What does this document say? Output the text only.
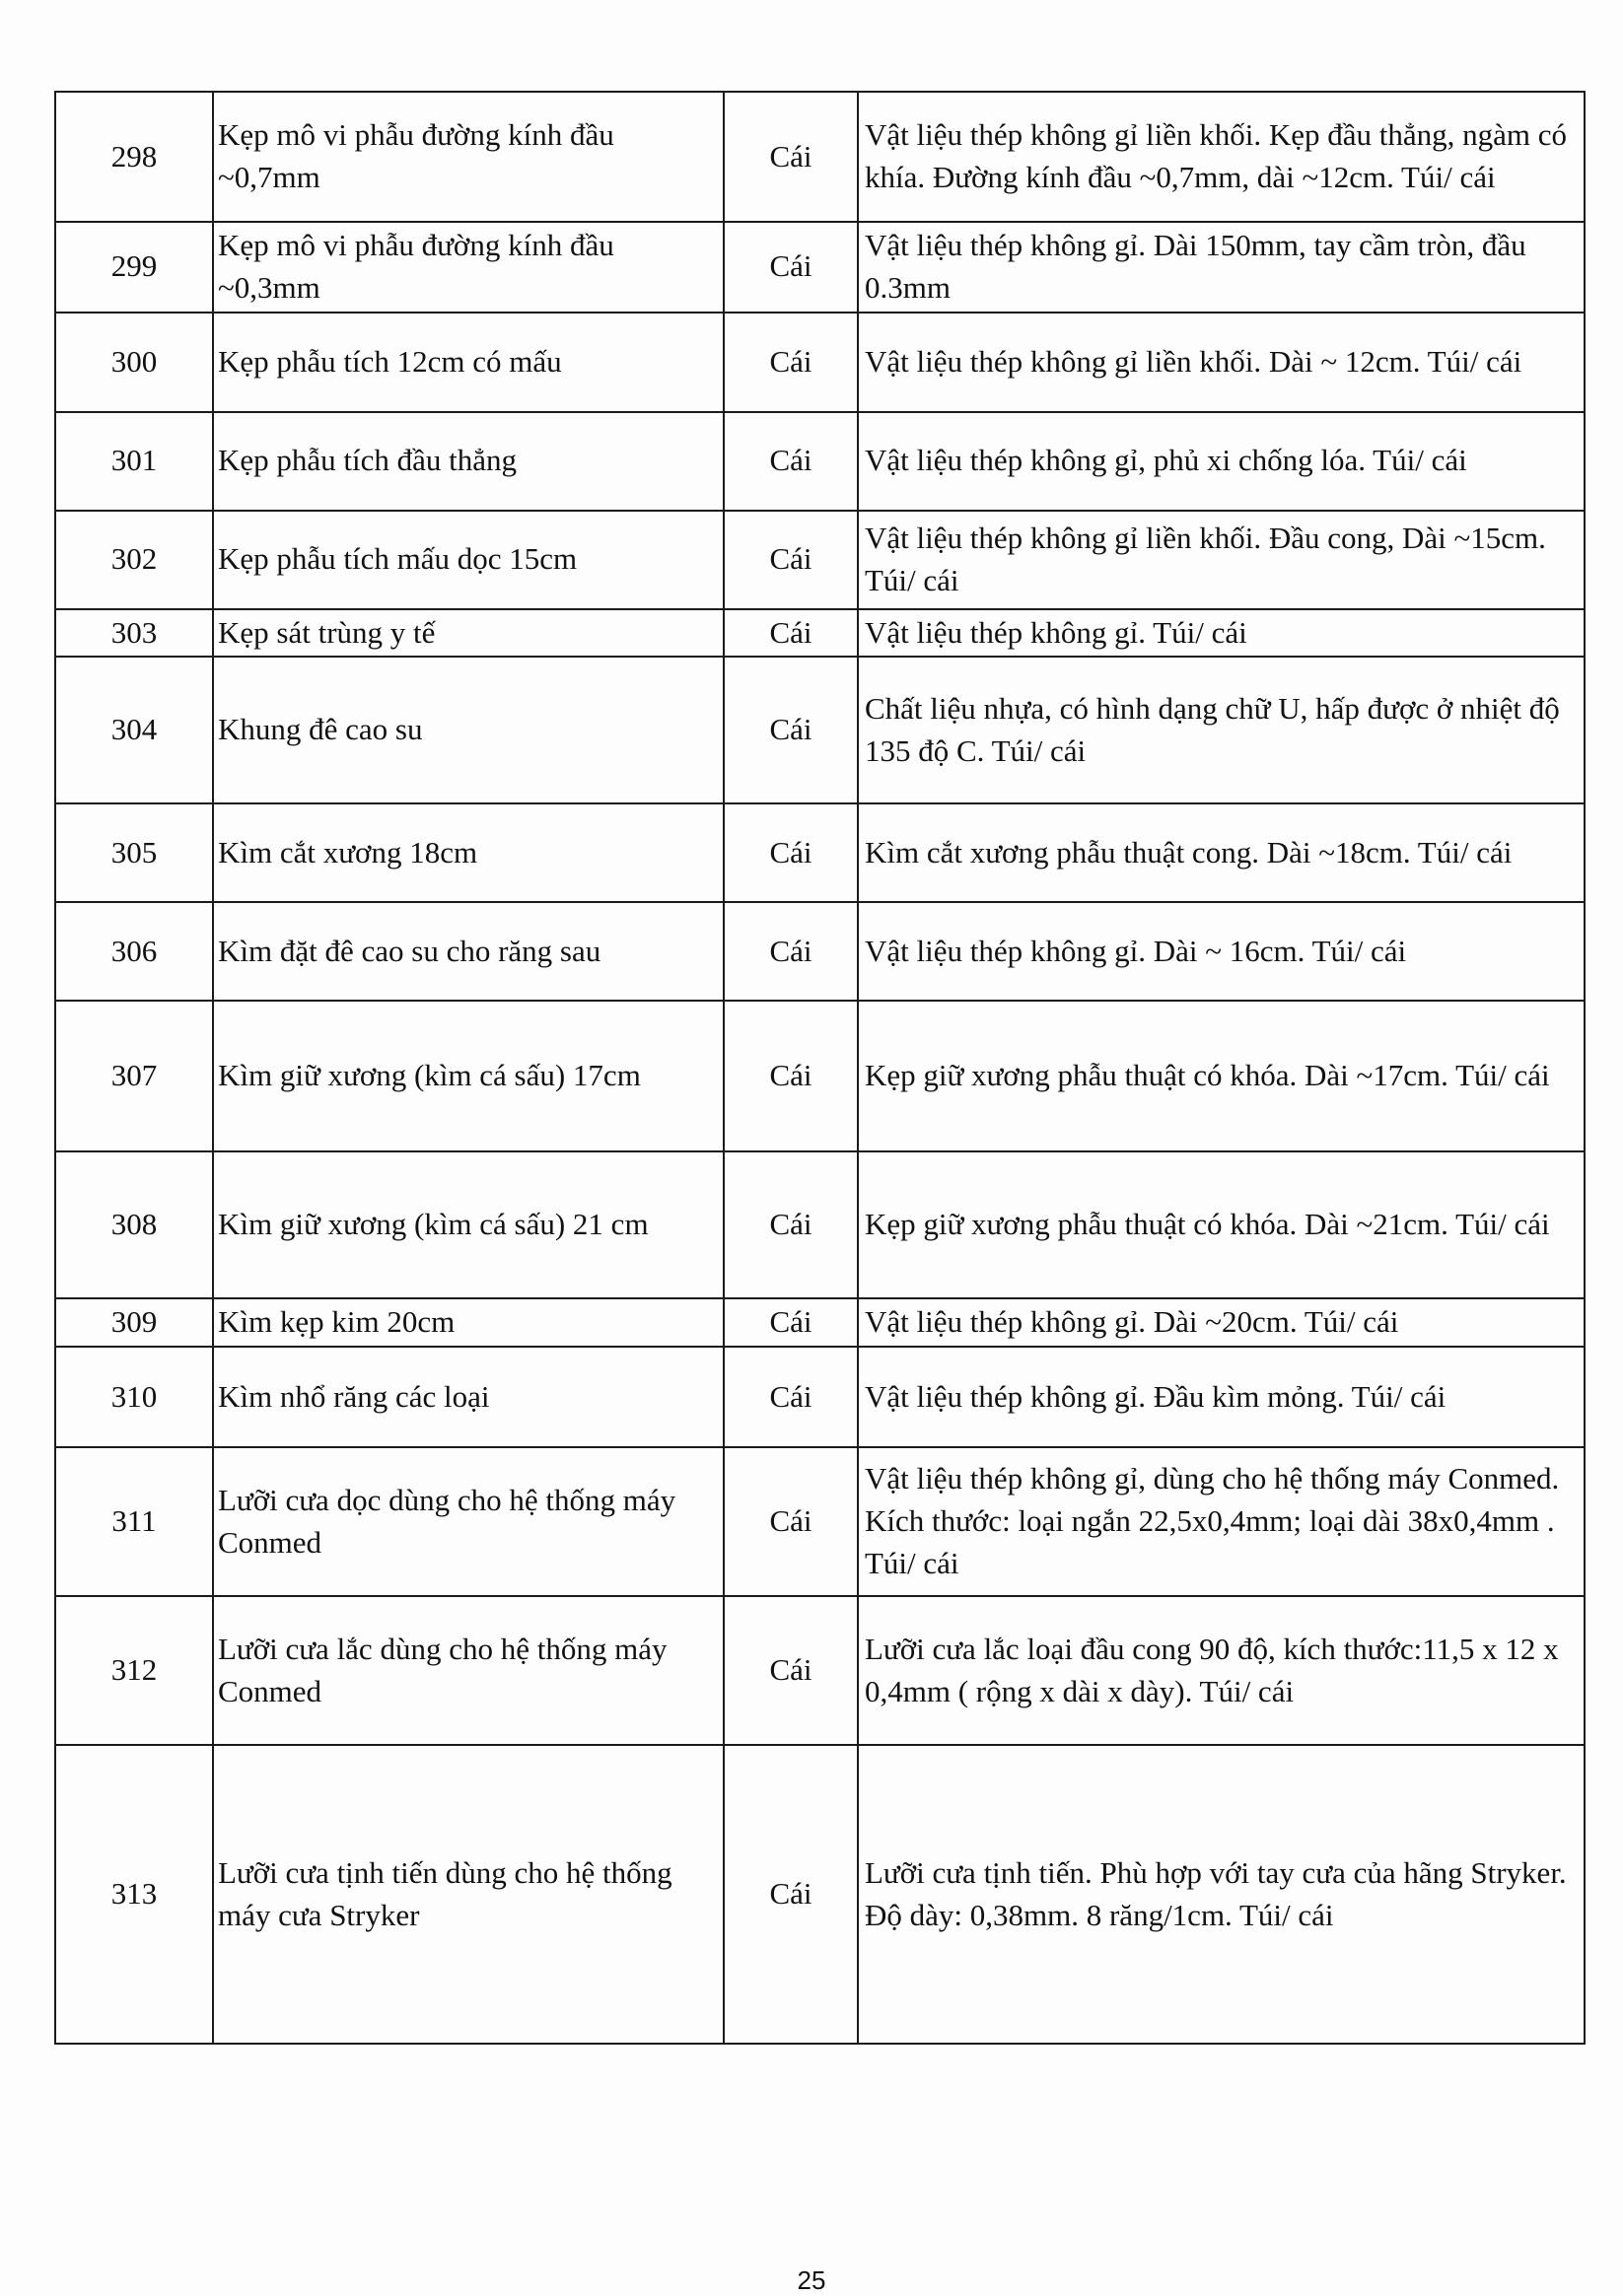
298	Kẹp mô vi phẫu đường kính đầu ~0,7mm	Cái	Vật liệu thép không gỉ liền khối. Kẹp đầu thẳng, ngàm có khía. Đường kính đầu ~0,7mm, dài ~12cm. Túi/ cái
299	Kẹp mô vi phẫu đường kính đầu ~0,3mm	Cái	Vật liệu thép không gỉ. Dài 150mm, tay cầm tròn, đầu 0.3mm
300	Kẹp phẫu tích 12cm có mấu	Cái	Vật liệu thép không gỉ liền khối. Dài ~ 12cm. Túi/ cái
301	Kẹp phẫu tích đầu thẳng	Cái	Vật liệu thép không gỉ, phủ xi chống lóa. Túi/ cái
302	Kẹp phẫu tích mấu dọc 15cm	Cái	Vật liệu thép không gỉ liền khối. Đầu cong, Dài ~15cm. Túi/ cái
303	Kẹp sát trùng y tế	Cái	Vật liệu thép không gỉ. Túi/ cái
304	Khung đê cao su	Cái	Chất liệu nhựa, có hình dạng chữ U, hấp được ở nhiệt độ 135 độ C. Túi/ cái
305	Kìm cắt xương 18cm	Cái	Kìm cắt xương phẫu thuật cong. Dài ~18cm. Túi/ cái
306	Kìm đặt đê cao su cho răng sau	Cái	Vật liệu thép không gỉ. Dài ~ 16cm. Túi/ cái
307	Kìm giữ xương (kìm cá sấu) 17cm	Cái	Kẹp giữ xương phẫu thuật có khóa. Dài ~17cm. Túi/ cái
308	Kìm giữ xương (kìm cá sấu) 21 cm	Cái	Kẹp giữ xương phẫu thuật có khóa. Dài ~21cm. Túi/ cái
309	Kìm kẹp kim 20cm	Cái	Vật liệu thép không gỉ. Dài ~20cm. Túi/ cái
310	Kìm nhổ răng các loại	Cái	Vật liệu thép không gỉ. Đầu kìm mỏng. Túi/ cái
311	Lưỡi cưa dọc dùng cho hệ thống máy Conmed	Cái	Vật liệu thép không gỉ, dùng cho hệ thống máy Conmed. Kích thước: loại ngắn 22,5x0,4mm; loại dài 38x0,4mm . Túi/ cái
312	Lưỡi cưa lắc dùng cho hệ thống máy Conmed	Cái	Lưỡi cưa lắc loại đầu cong 90 độ, kích thước:11,5 x 12 x 0,4mm ( rộng x dài x dày). Túi/ cái
313	Lưỡi cưa tịnh tiến dùng cho hệ thống máy cưa Stryker	Cái	Lưỡi cưa tịnh tiến. Phù hợp với tay cưa của hãng Stryker. Độ dày: 0,38mm. 8 răng/1cm. Túi/ cái
25
